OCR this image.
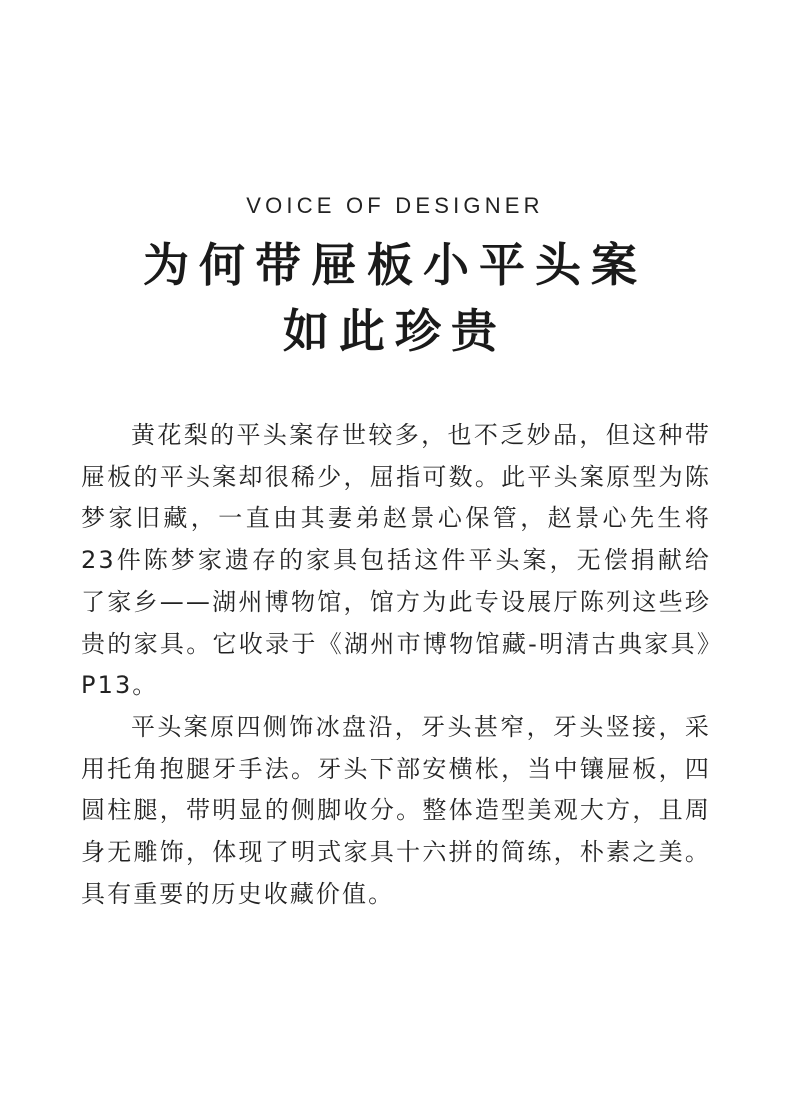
VOICE OF DESIGNER
为何带屉板小平头案
如此珍贵

黄花梨的平头案存世较多，也不乏妙品，但这种带屉板的平头案却很稀少，屈指可数。此平头案原型为陈梦家旧藏，一直由其妻弟赵景心保管，赵景心先生将23件陈梦家遗存的家具包括这件平头案，无偿捐献给了家乡——湖州博物馆，馆方为此专设展厅陈列这些珍贵的家具。它收录于《湖州市博物馆藏-明清古典家具》P13。

平头案原四侧饰冰盘沿，牙头甚窄，牙头竖接，采用托角抱腿牙手法。牙头下部安横枨，当中镶屉板，四圆柱腿，带明显的侧脚收分。整体造型美观大方，且周身无雕饰，体现了明式家具十六拼的简练，朴素之美。具有重要的历史收藏价值。
